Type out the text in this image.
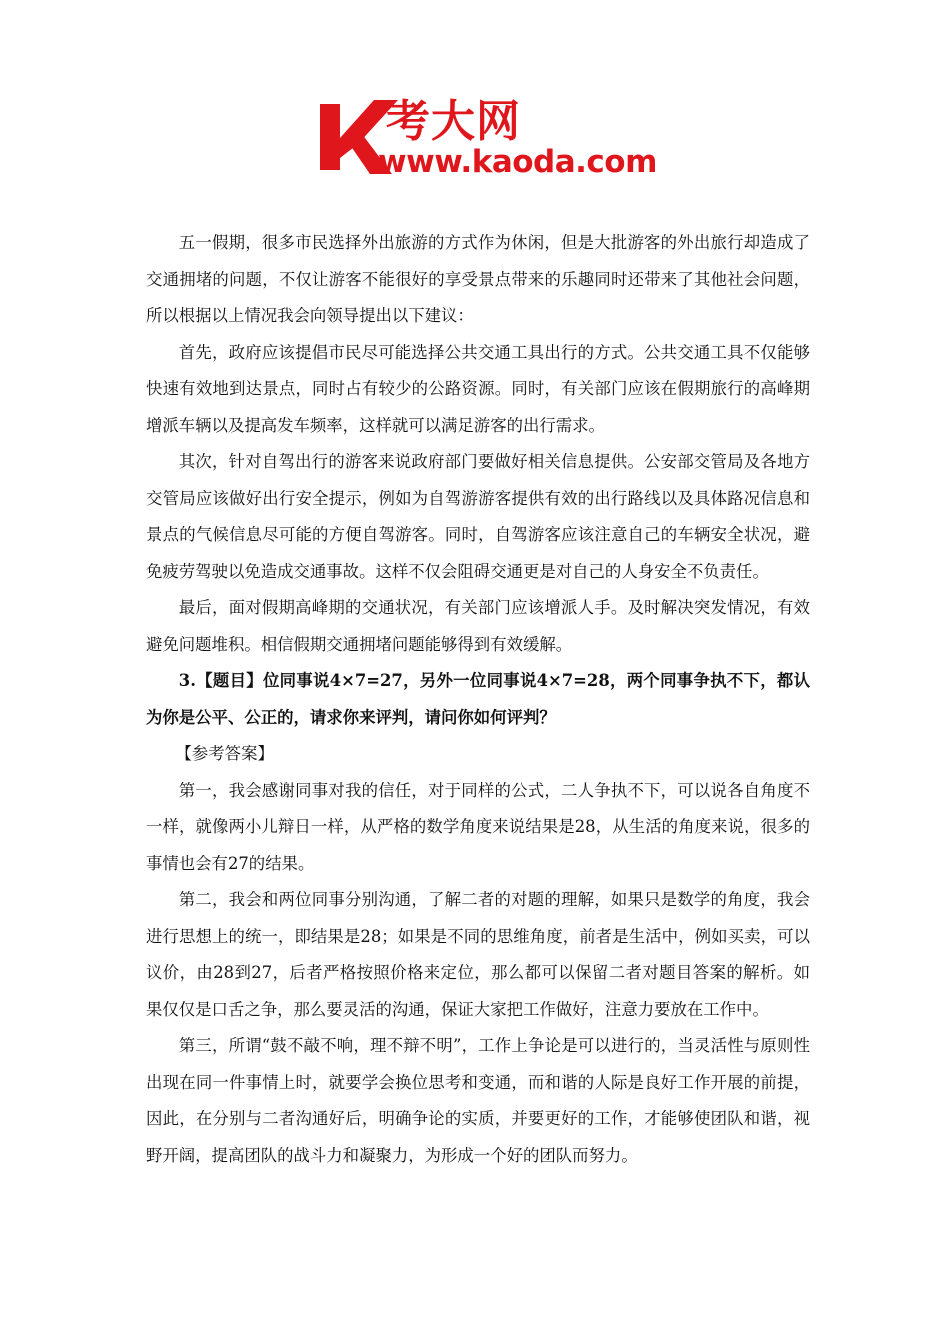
考大网
www.kaoda.com

五一假期，很多市民选择外出旅游的方式作为休闲，但是大批游客的外出旅行却造成了交通拥堵的问题，不仅让游客不能很好的享受景点带来的乐趣同时还带来了其他社会问题，所以根据以上情况我会向领导提出以下建议：

首先，政府应该提倡市民尽可能选择公共交通工具出行的方式。公共交通工具不仅能够快速有效地到达景点，同时占有较少的公路资源。同时，有关部门应该在假期旅行的高峰期增派车辆以及提高发车频率，这样就可以满足游客的出行需求。

其次，针对自驾出行的游客来说政府部门要做好相关信息提供。公安部交管局及各地方交管局应该做好出行安全提示，例如为自驾游游客提供有效的出行路线以及具体路况信息和景点的气候信息尽可能的方便自驾游客。同时，自驾游客应该注意自己的车辆安全状况，避免疲劳驾驶以免造成交通事故。这样不仅会阻碍交通更是对自己的人身安全不负责任。

最后，面对假期高峰期的交通状况，有关部门应该增派人手。及时解决突发情况，有效避免问题堆积。相信假期交通拥堵问题能够得到有效缓解。

3.【题目】位同事说4×7=27，另外一位同事说4×7=28，两个同事争执不下，都认为你是公平、公正的，请求你来评判，请问你如何评判？

【参考答案】

第一，我会感谢同事对我的信任，对于同样的公式，二人争执不下，可以说各自角度不一样，就像两小儿辩日一样，从严格的数学角度来说结果是28，从生活的角度来说，很多的事情也会有27的结果。

第二，我会和两位同事分别沟通，了解二者的对题的理解，如果只是数学的角度，我会进行思想上的统一，即结果是28；如果是不同的思维角度，前者是生活中，例如买卖，可以议价，由28到27，后者严格按照价格来定位，那么都可以保留二者对题目答案的解析。如果仅仅是口舌之争，那么要灵活的沟通，保证大家把工作做好，注意力要放在工作中。

第三，所谓“鼓不敲不响，理不辩不明”，工作上争论是可以进行的，当灵活性与原则性出现在同一件事情上时，就要学会换位思考和变通，而和谐的人际是良好工作开展的前提，因此，在分别与二者沟通好后，明确争论的实质，并要更好的工作，才能够使团队和谐，视野开阔，提高团队的战斗力和凝聚力，为形成一个好的团队而努力。
